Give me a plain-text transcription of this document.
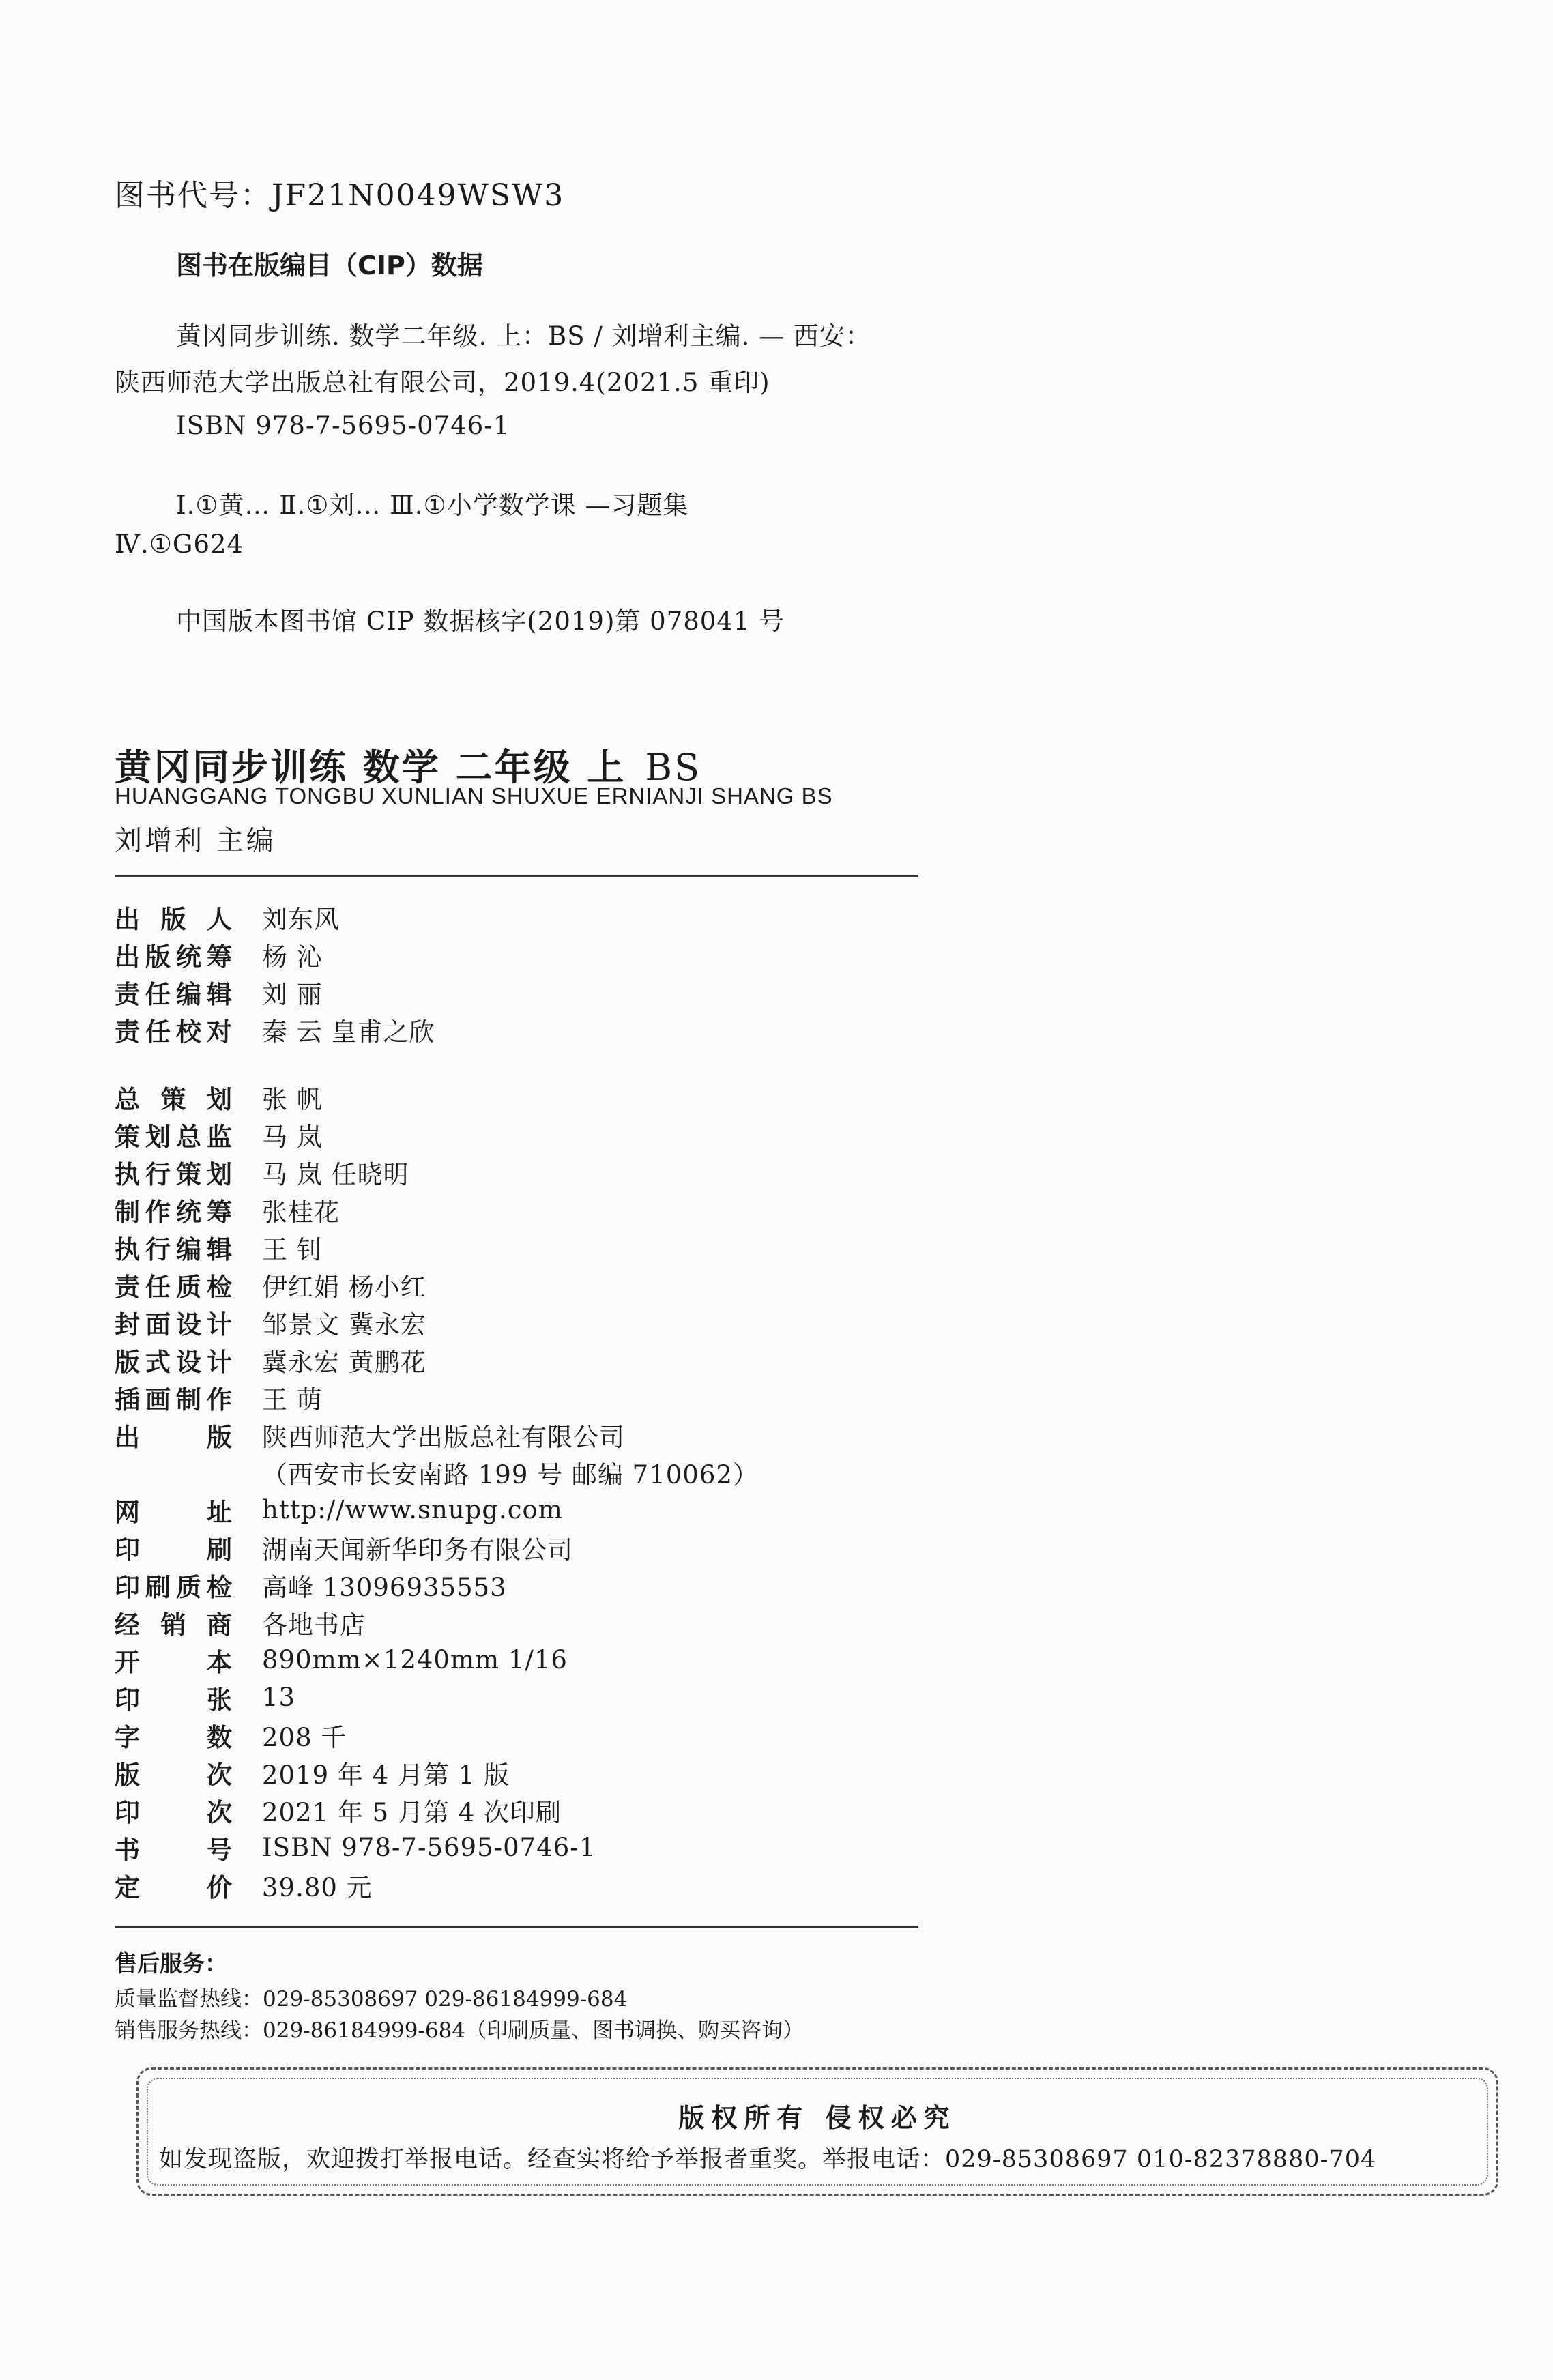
图书代号：JF21N0049WSW3
图书在版编目（CIP）数据
黄冈同步训练. 数学二年级. 上：BS / 刘增利主编. — 西安：
陕西师范大学出版总社有限公司，2019.4(2021.5 重印)
ISBN 978-7-5695-0746-1
Ⅰ.①黄… Ⅱ.①刘… Ⅲ.①小学数学课 —习题集
Ⅳ.①G624
中国版本图书馆 CIP 数据核字(2019)第 078041 号
黄冈同步训练 数学 二年级 上 BS
HUANGGANG TONGBU XUNLIAN SHUXUE ERNIANJI SHANG BS
刘增利 主编
出 版 人 刘东风
出 版 统 筹 杨 沁
责 任 编 辑 刘 丽
责 任 校 对 秦 云 皇甫之欣
总 策 划 张 帆
策 划 总 监 马 岚
执 行 策 划 马 岚 任晓明
制 作 统 筹 张桂花
执 行 编 辑 王 钊
责 任 质 检 伊红娟 杨小红
封 面 设 计 邹景文 冀永宏
版 式 设 计 冀永宏 黄鹏花
插 画 制 作 王 萌
出	版 陕西师范大学出版总社有限公司
（西安市长安南路 199 号 邮编 710062）
网	址 http://www.snupg.com
印	刷 湖南天闻新华印务有限公司
印 刷 质 检 高峰 13096935553
经 销 商 各地书店
开	本 890mm×1240mm 1/16
印	张 13
字	数 208 千
版	次 2019 年 4 月第 1 版
印	次 2021 年 5 月第 4 次印刷
书	号 ISBN 978-7-5695-0746-1
定	价 39.80 元
售后服务：
质量监督热线：029-85308697 029-86184999-684
销售服务热线：029-86184999-684（印刷质量、图书调换、购买咨询）
版权所有 侵权必究
如发现盗版，欢迎拨打举报电话。经查实将给予举报者重奖。举报电话：029-85308697 010-82378880-704
